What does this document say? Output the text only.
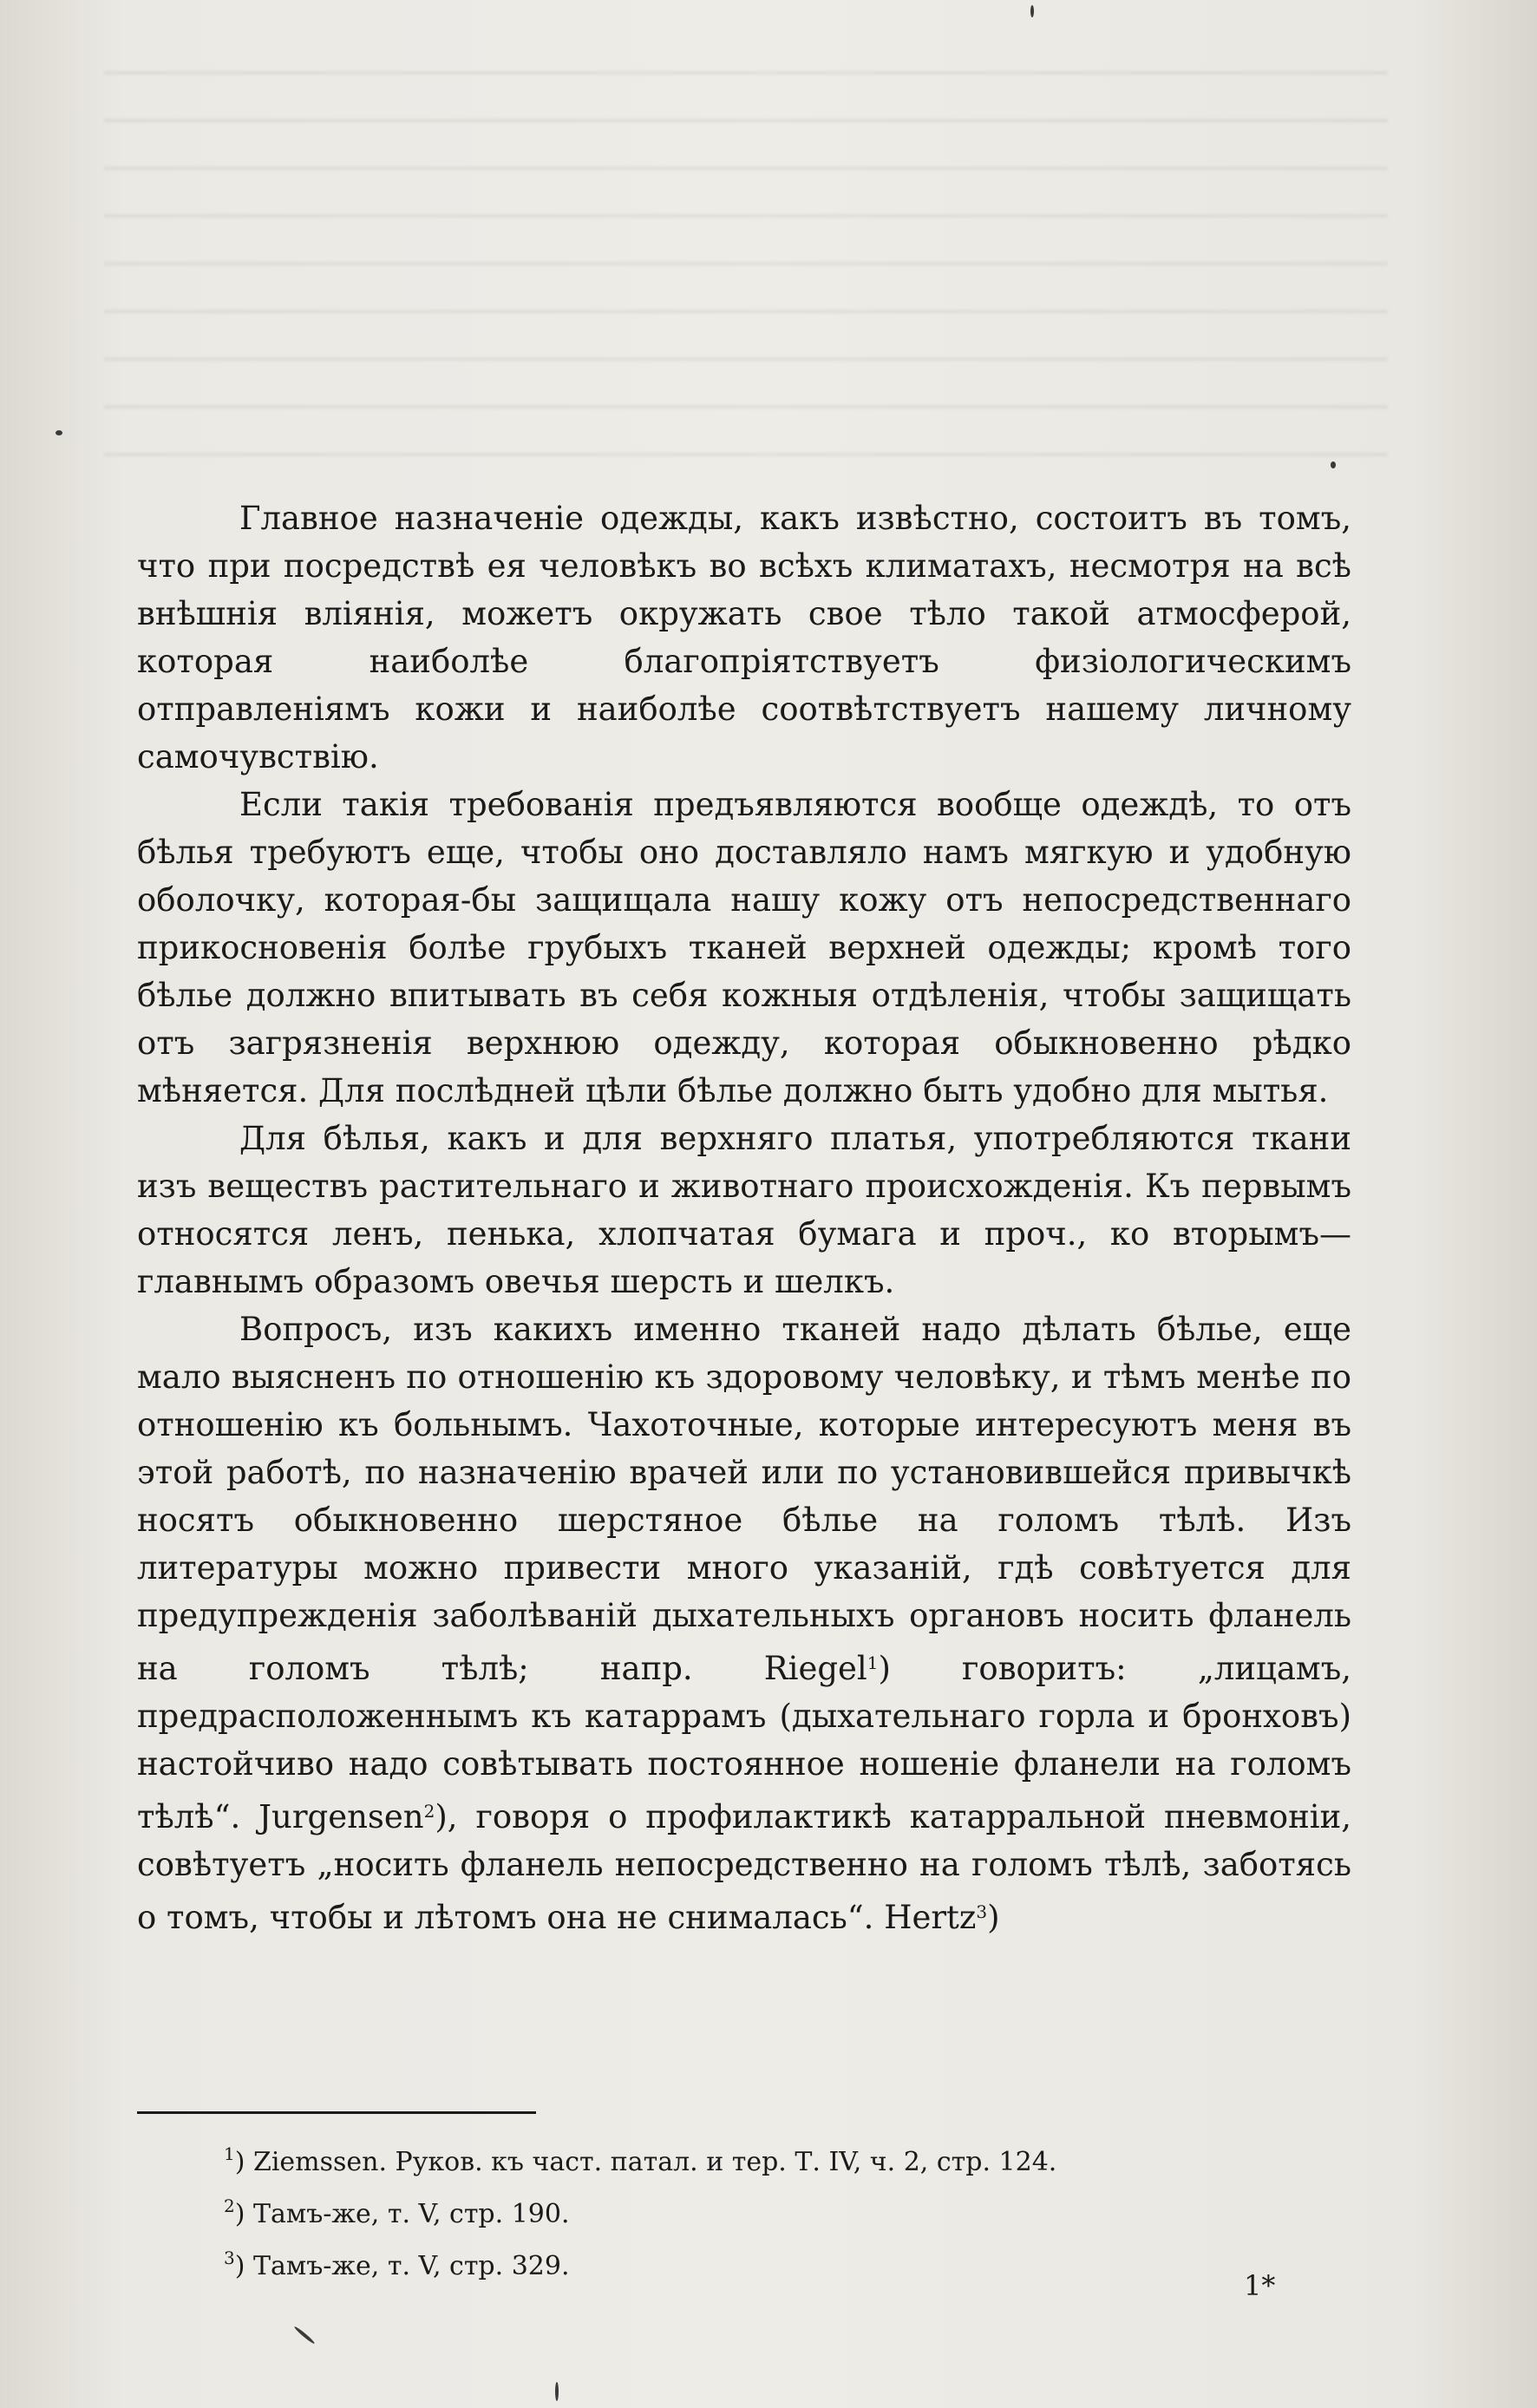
Главное назначеніе одежды, какъ извѣстно, состоитъ въ томъ, что при посредствѣ ея человѣкъ во всѣхъ климатахъ, несмотря на всѣ внѣшнія вліянія, можетъ окружать свое тѣло такой атмосферой, которая наиболѣе благопріятствуетъ физіологическимъ отправленіямъ кожи и наиболѣе соотвѣтствуетъ нашему личному самочувствію.

Если такія требованія предъявляются вообще одеждѣ, то отъ бѣлья требуютъ еще, чтобы оно доставляло намъ мягкую и удобную оболочку, которая-бы защищала нашу кожу отъ непосредственнаго прикосновенія болѣе грубыхъ тканей верхней одежды; кромѣ того бѣлье должно впитывать въ себя кожныя отдѣленія, чтобы защищать отъ загрязненія верхнюю одежду, которая обыкновенно рѣдко мѣняется. Для послѣдней цѣли бѣлье должно быть удобно для мытья.

Для бѣлья, какъ и для верхняго платья, употребляются ткани изъ веществъ растительнаго и животнаго происхожденія. Къ первымъ относятся ленъ, пенька, хлопчатая бумага и проч., ко вторымъ—главнымъ образомъ овечья шерсть и шелкъ.

Вопросъ, изъ какихъ именно тканей надо дѣлать бѣлье, еще мало выясненъ по отношенію къ здоровому человѣку, и тѣмъ менѣе по отношенію къ больнымъ. Чахоточные, которые интересуютъ меня въ этой работѣ, по назначенію врачей или по установившейся привычкѣ носятъ обыкновенно шерстяное бѣлье на голомъ тѣлѣ. Изъ литературы можно привести много указаній, гдѣ совѣтуется для предупрежденія заболѣваній дыхательныхъ органовъ носить фланель на голомъ тѣлѣ; напр. Riegel$^1$) говоритъ: „лицамъ, предрасположеннымъ къ катаррамъ (дыхательнаго горла и бронховъ) настойчиво надо совѣтывать постоянное ношеніе фланели на голомъ тѣлѣ“. Jurgensen$^2$), говоря о профилактикѣ катарральной пневмоніи, совѣтуетъ „носить фланель непосредственно на голомъ тѣлѣ, заботясь о томъ, чтобы и лѣтомъ она не снималась“. Hertz$^3$)

$^1$) Ziemssen. Руков. къ част. патал. и тер. Т. IV, ч. 2, стр. 124.
$^2$) Тамъ-же, т. V, стр. 190.
$^3$) Тамъ-же, т. V, стр. 329.
1*
